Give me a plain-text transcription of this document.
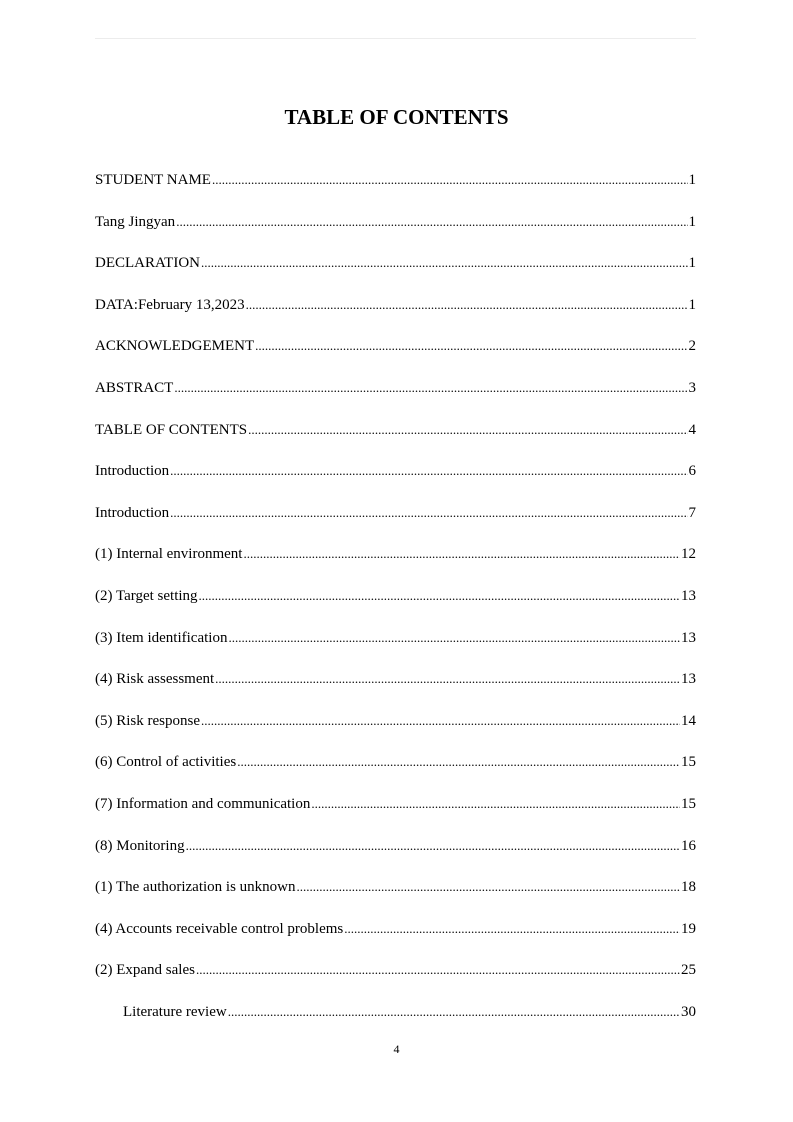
TABLE OF CONTENTS
STUDENT NAME .....	1
Tang Jingyan .....	1
DECLARATION .....	1
DATA:February 13,2023 .....	1
ACKNOWLEDGEMENT .....	2
ABSTRACT .....	3
TABLE OF CONTENTS .....	4
Introduction .....	6
Introduction .....	7
(1) Internal environment .....	12
(2) Target setting .....	13
(3) Item identification .....	13
(4) Risk assessment .....	13
(5) Risk response .....	14
(6) Control of activities .....	15
(7) Information and communication .....	15
(8) Monitoring .....	16
(1) The authorization is unknown .....	18
(4) Accounts receivable control problems .....	19
(2) Expand sales .....	25
Literature review .....	30
4
